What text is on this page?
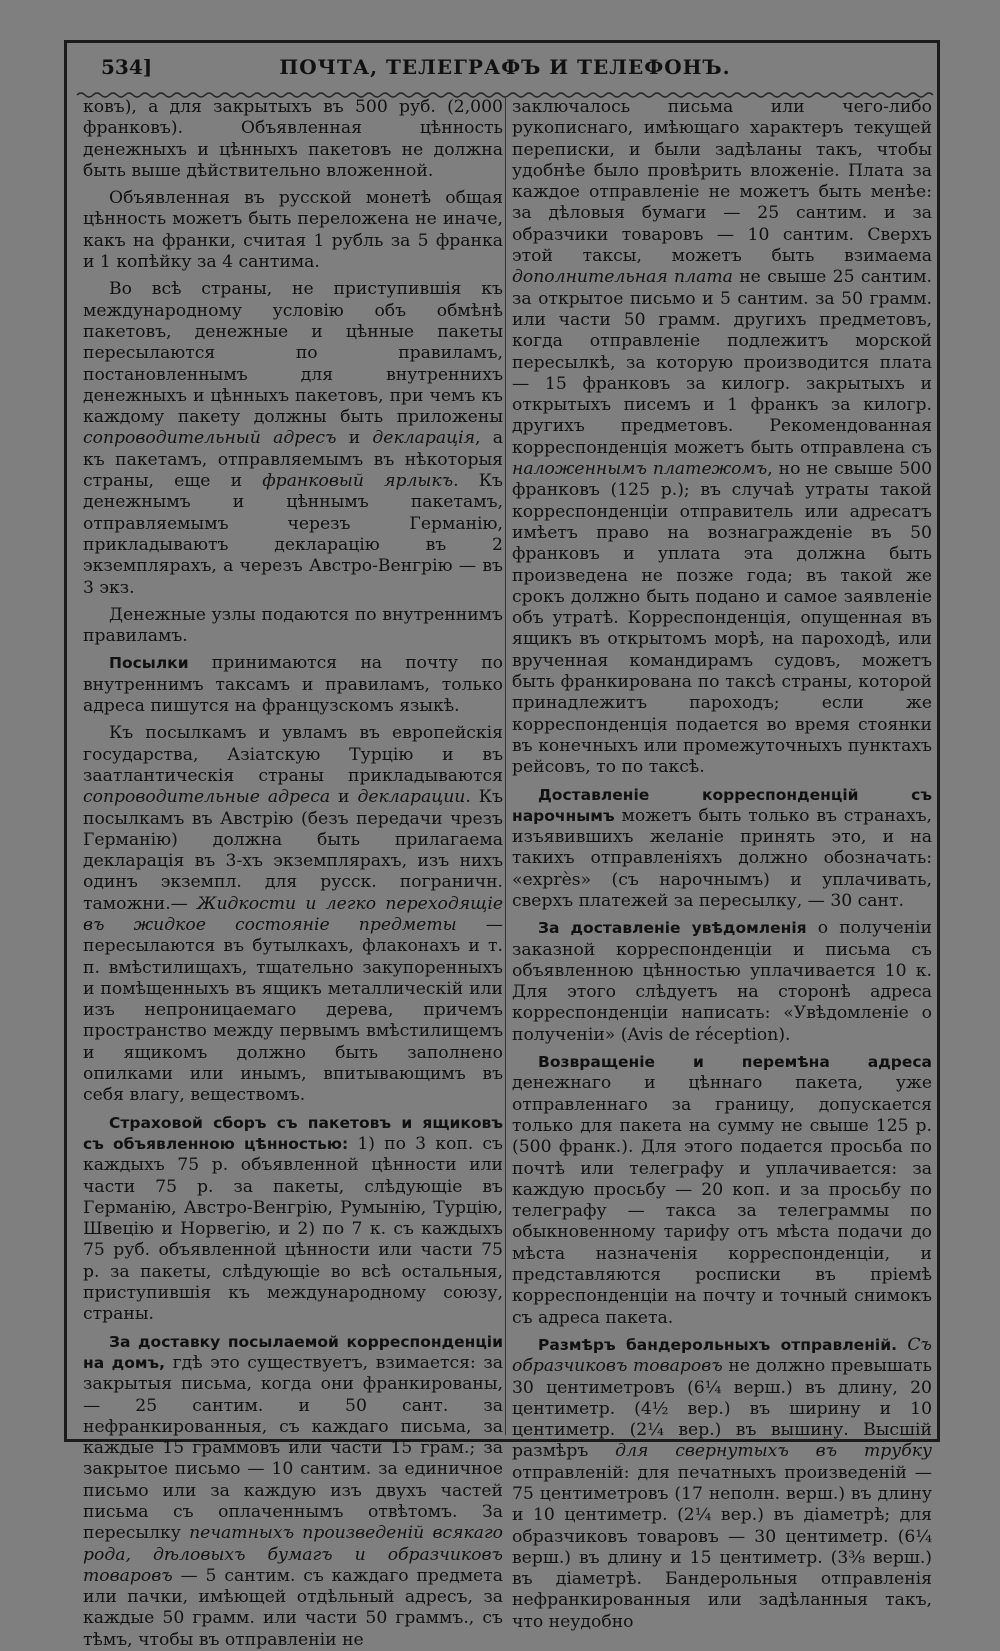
534]	ПОЧТА, ТЕЛЕГРАФЪ И ТЕЛЕФОНЪ.

ковъ), а для закрытыхъ въ 500 руб. (2,000 франковъ). Объявленная цѣнность денежныхъ и цѣнныхъ пакетовъ не должна быть выше дѣйствительно вложенной.

Объявленная въ русской монетѣ общая цѣнность можетъ быть переложена не иначе, какъ на франки, считая 1 рубль за 5 франка и 1 копѣйку за 4 сантима.

Во всѣ страны, не приступившія къ международному условію объ обмѣнѣ пакетовъ, денежные и цѣнные пакеты пересылаются по правиламъ, постановленнымъ для внутреннихъ денежныхъ и цѣнныхъ пакетовъ, при чемъ къ каждому пакету должны быть приложены сопроводительный адресъ и декларація, а къ пакетамъ, отправляемымъ въ нѣкоторыя страны, еще и франковый ярлыкъ. Къ денежнымъ и цѣннымъ пакетамъ, отправляемымъ черезъ Германію, прикладываютъ декларацію въ 2 экземплярахъ, а черезъ Австро-Венгрію — въ 3 экз.

Денежные узлы подаются по внутреннимъ правиламъ.

Посылки принимаются на почту по внутреннимъ таксамъ и правиламъ, только адреса пишутся на французскомъ языкѣ.

Къ посылкамъ и увламъ въ европейскія государства, Азіатскую Турцію и въ заатлантическія страны прикладываются сопроводительные адреса и декларации. Къ посылкамъ въ Австрію (безъ передачи чрезъ Германію) должна быть прилагаема декларація въ 3-хъ экземплярахъ, изъ нихъ одинъ экземпл. для русск. пограничн. таможни.— Жидкости и легко переходящіе въ жидкое состояніе предметы — пересылаются въ бутылкахъ, флаконахъ и т. п. вмѣстилищахъ, тщательно закупоренныхъ и помѣщенныхъ въ ящикъ металлическій или изъ непроницаемаго дерева, причемъ пространство между первымъ вмѣстилищемъ и ящикомъ должно быть заполнено опилками или инымъ, впитывающимъ въ себя влагу, веществомъ.

Страховой сборъ съ пакетовъ и ящиковъ съ объявленною цѣнностью: 1) по 3 коп. съ каждыхъ 75 р. объявленной цѣнности или части 75 р. за пакеты, слѣдующіе въ Германію, Австро-Венгрію, Румынію, Турцію, Швецію и Норвегію, и 2) по 7 к. съ каждыхъ 75 руб. объявленной цѣнности или части 75 р. за пакеты, слѣдующіе во всѣ остальныя, приступившія къ международному союзу, страны.

За доставку посылаемой корреспонденціи на домъ, гдѣ это существуетъ, взимается: за закрытыя письма, когда они франкированы, — 25 сантим. и 50 сант. за нефранкированныя, съ каждаго письма, за каждые 15 граммовъ или части 15 грам.; за закрытое письмо — 10 сантим. за единичное письмо или за каждую изъ двухъ частей письма съ оплаченнымъ отвѣтомъ. За пересылку печатныхъ произведеній всякаго рода, дѣловыхъ бумагъ и образчиковъ товаровъ — 5 сантим. съ каждаго предмета или пачки, имѣющей отдѣльный адресъ, за каждые 50 грамм. или части 50 граммъ., съ тѣмъ, чтобы въ отправленіи не

заключалось письма или чего-либо рукописнаго, имѣющаго характеръ текущей переписки, и были задѣланы такъ, чтобы удобнѣе было провѣрить вложеніе. Плата за каждое отправленіе не можетъ быть менѣе: за дѣловыя бумаги — 25 сантим. и за образчики товаровъ — 10 сантим. Сверхъ этой таксы, можетъ быть взимаема дополнительная плата не свыше 25 сантим. за открытое письмо и 5 сантим. за 50 грамм. или части 50 грамм. другихъ предметовъ, когда отправленіе подлежитъ морской пересылкѣ, за которую производится плата — 15 франковъ за килогр. закрытыхъ и открытыхъ писемъ и 1 франкъ за килогр. другихъ предметовъ. Рекомендованная корреспонденція можетъ быть отправлена съ наложеннымъ платежомъ, но не свыше 500 франковъ (125 р.); въ случаѣ утраты такой корреспонденціи отправитель или адресатъ имѣетъ право на вознагражденіе въ 50 франковъ и уплата эта должна быть произведена не позже года; въ такой же срокъ должно быть подано и самое заявленіе объ утратѣ. Корреспонденція, опущенная въ ящикъ въ открытомъ морѣ, на пароходѣ, или врученная командирамъ судовъ, можетъ быть франкирована по таксѣ страны, которой принадлежитъ пароходъ; если же корреспонденція подается во время стоянки въ конечныхъ или промежуточныхъ пунктахъ рейсовъ, то по таксѣ.

Доставленіе корреспонденцій съ нарочнымъ можетъ быть только въ странахъ, изъявившихъ желаніе принять это, и на такихъ отправленіяхъ должно обозначать: «exprès» (съ нарочнымъ) и уплачивать, сверхъ платежей за пересылку, — 30 сант.

За доставленіе увѣдомленія о полученіи заказной корреспонденціи и письма съ объявленною цѣнностью уплачивается 10 к. Для этого слѣдуетъ на сторонѣ адреса корреспонденціи написать: «Увѣдомленіе о полученіи» (Avis de réception).

Возвращеніе и перемѣна адреса денежнаго и цѣннаго пакета, уже отправленнаго за границу, допускается только для пакета на сумму не свыше 125 р. (500 франк.). Для этого подается просьба по почтѣ или телеграфу и уплачивается: за каждую просьбу — 20 коп. и за просьбу по телеграфу — такса за телеграммы по обыкновенному тарифу отъ мѣста подачи до мѣста назначенія корреспонденціи, и представляются росписки въ пріемѣ корреспонденціи на почту и точный снимокъ съ адреса пакета.

Размѣръ бандерольныхъ отправленій. Съ образчиковъ товаровъ не должно превышать 30 центиметровъ (6¼ верш.) въ длину, 20 центиметр. (4½ вер.) въ ширину и 10 центиметр. (2¼ вер.) въ вышину. Высшій размѣръ для свернутыхъ въ трубку отправленій: для печатныхъ произведеній — 75 центиметровъ (17 неполн. верш.) въ длину и 10 центиметр. (2¼ вер.) въ діаметрѣ; для образчиковъ товаровъ — 30 центиметр. (6¼ верш.) въ длину и 15 центиметр. (3⅜ верш.) въ діаметрѣ. Бандерольныя отправленія нефранкированныя или задѣланныя такъ, что неудобно
